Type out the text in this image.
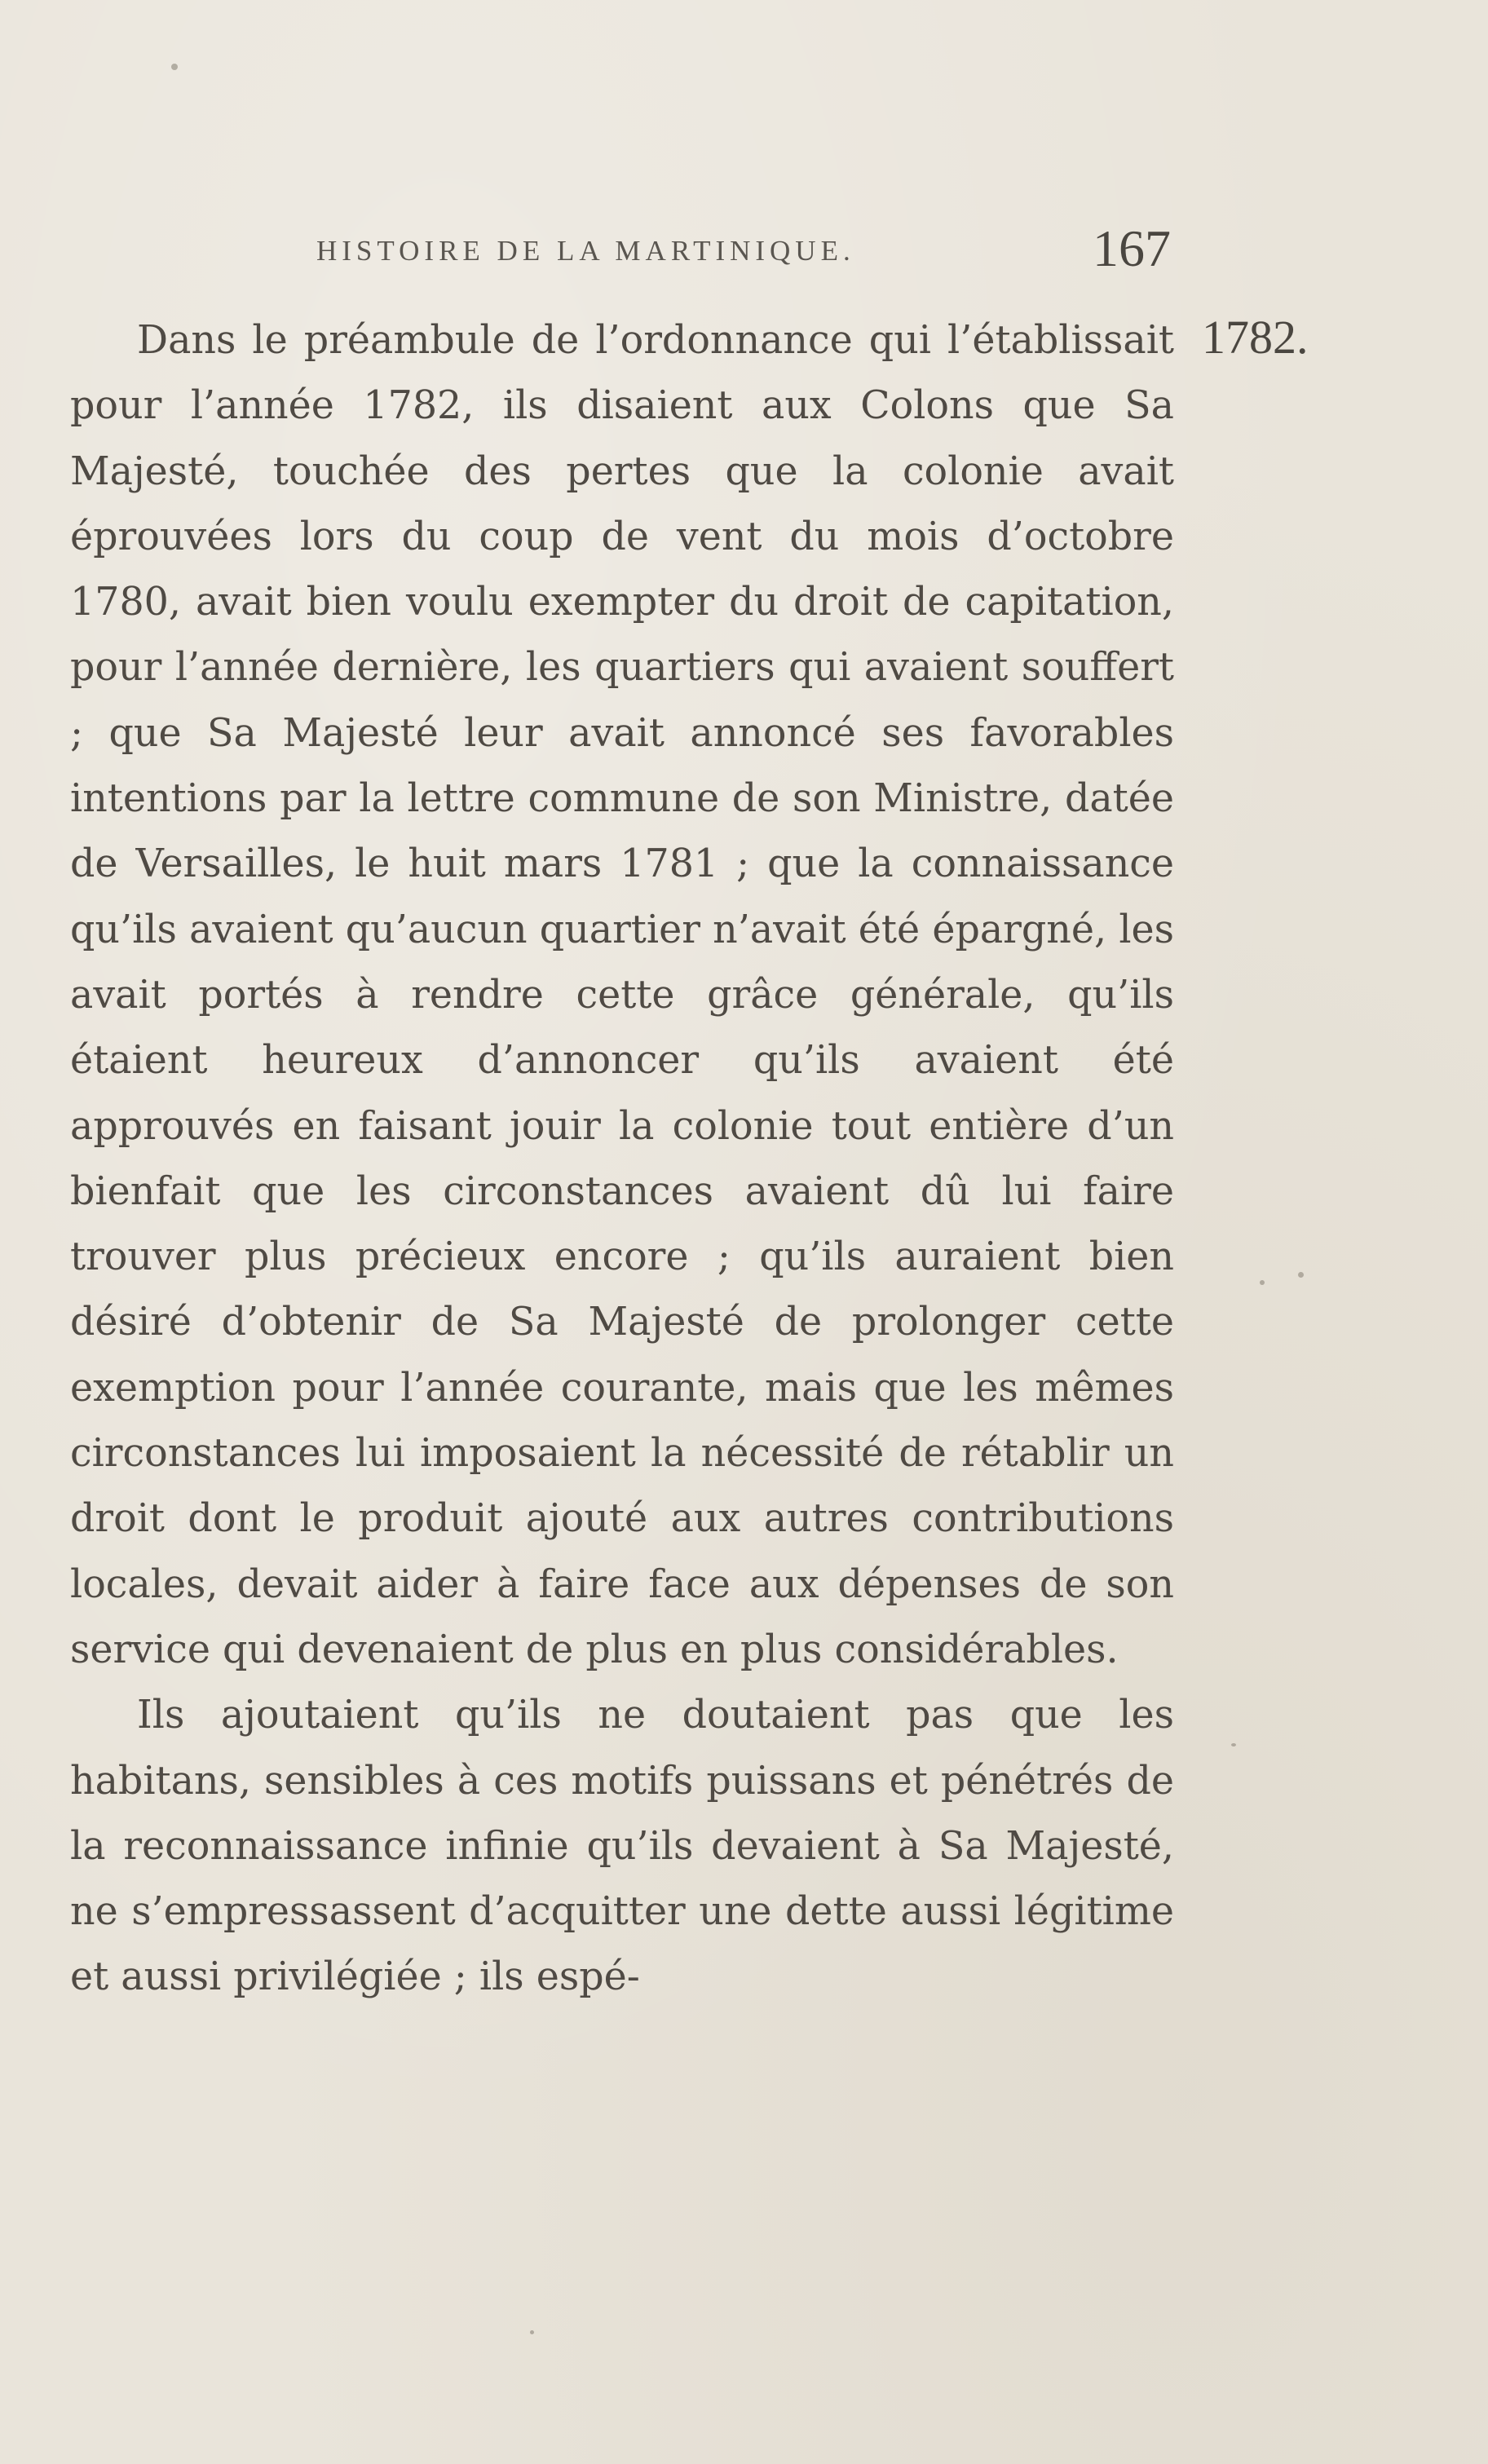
HISTOIRE DE LA MARTINIQUE.	167
1782.

Dans le préambule de l’ordonnance qui l’établissait pour l’année 1782, ils disaient aux Colons que Sa Majesté, touchée des pertes que la colonie avait éprouvées lors du coup de vent du mois d’octobre 1780, avait bien voulu exempter du droit de capitation, pour l’année dernière, les quartiers qui avaient souffert ; que Sa Majesté leur avait annoncé ses favorables intentions par la lettre commune de son Ministre, datée de Versailles, le huit mars 1781 ; que la connaissance qu’ils avaient qu’aucun quartier n’avait été épargné, les avait portés à rendre cette grâce générale, qu’ils étaient heureux d’annoncer qu’ils avaient été approuvés en faisant jouir la colonie tout entière d’un bienfait que les circonstances avaient dû lui faire trouver plus précieux encore ; qu’ils auraient bien désiré d’obtenir de Sa Majesté de prolonger cette exemption pour l’année courante, mais que les mêmes circonstances lui imposaient la nécessité de rétablir un droit dont le produit ajouté aux autres contributions locales, devait aider à faire face aux dépenses de son service qui devenaient de plus en plus considérables.

Ils ajoutaient qu’ils ne doutaient pas que les habitans, sensibles à ces motifs puissans et pénétrés de la reconnaissance infinie qu’ils devaient à Sa Majesté, ne s’empressassent d’acquitter une dette aussi légitime et aussi privilégiée ; ils espé-
